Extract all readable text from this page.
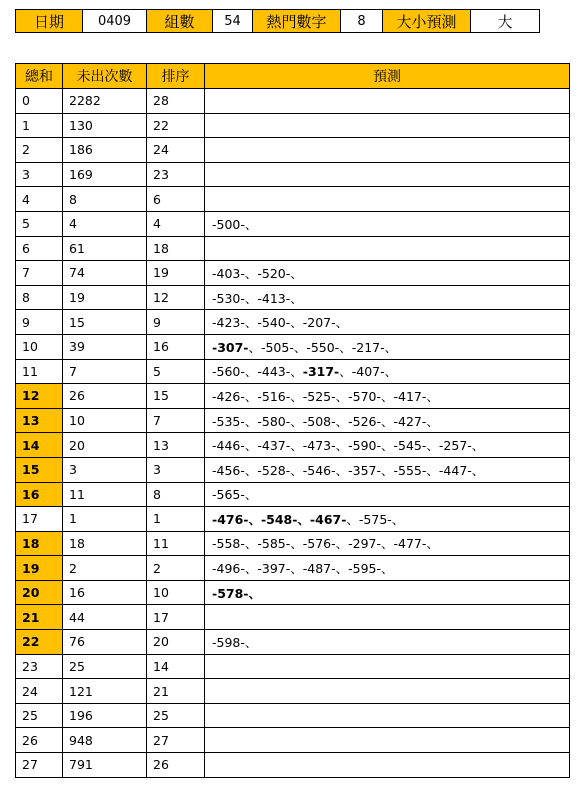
日期	0409	組數	54	熱門數字	8	大小預測	大
總和	未出次數	排序	預測
0	2282	28	
1	130	22	
2	186	24	
3	169	23	
4	8	6	
5	4	4	-500-、
6	61	18	
7	74	19	-403-、-520-、
8	19	12	-530-、-413-、
9	15	9	-423-、-540-、-207-、
10	39	16	-307-、-505-、-550-、-217-、
11	7	5	-560-、-443-、-317-、-407-、
12	26	15	-426-、-516-、-525-、-570-、-417-、
13	10	7	-535-、-580-、-508-、-526-、-427-、
14	20	13	-446-、-437-、-473-、-590-、-545-、-257-、
15	3	3	-456-、-528-、-546-、-357-、-555-、-447-、
16	11	8	-565-、
17	1	1	-476-、-548-、-467-、-575-、
18	18	11	-558-、-585-、-576-、-297-、-477-、
19	2	2	-496-、-397-、-487-、-595-、
20	16	10	-578-、
21	44	17	
22	76	20	-598-、
23	25	14	
24	121	21	
25	196	25	
26	948	27	
27	791	26	
